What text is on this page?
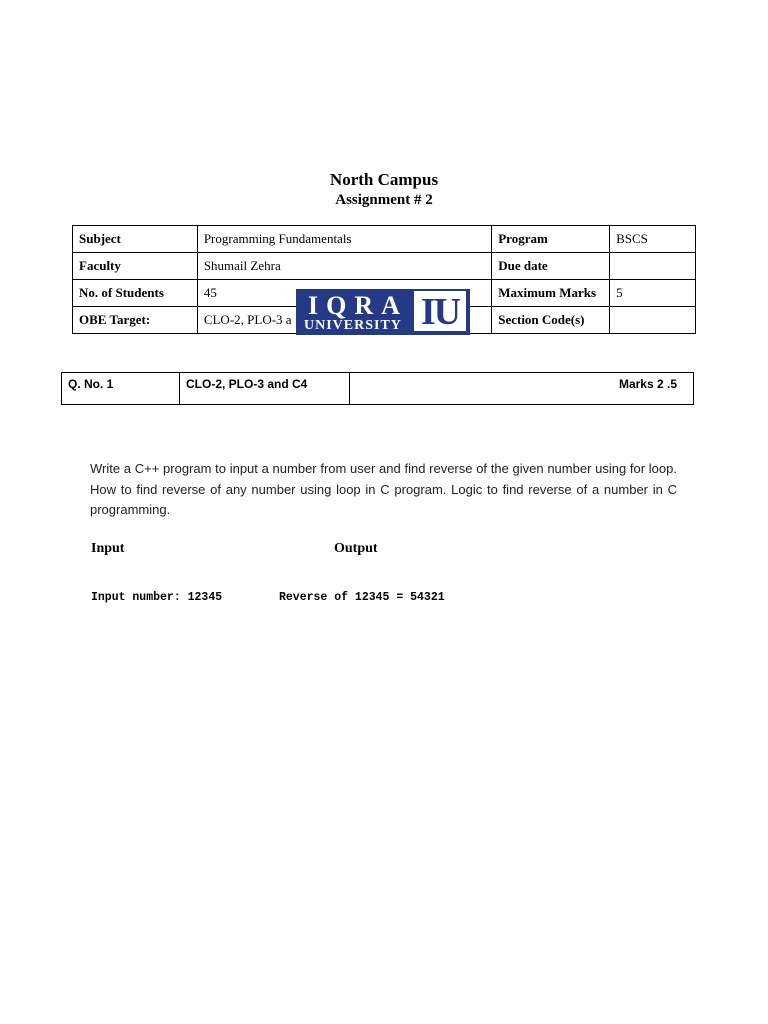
North Campus
Assignment # 2
Subject	Programming Fundamentals	Program	BSCS
Faculty	Shumail Zehra	Due date	
No. of Students	45	Maximum Marks	5
OBE Target:	CLO-2, PLO-3 a	Section Code(s)	
IQRA
UNIVERSITY IU
Q. No. 1	CLO-2, PLO-3 and C4	Marks 2 .5
Write a C++ program to input a number from user and find reverse of the given number using for loop. How to find reverse of any number using loop in C program. Logic to find reverse of a number in C programming.
Input	Output
Input number: 12345	Reverse of 12345 = 54321
